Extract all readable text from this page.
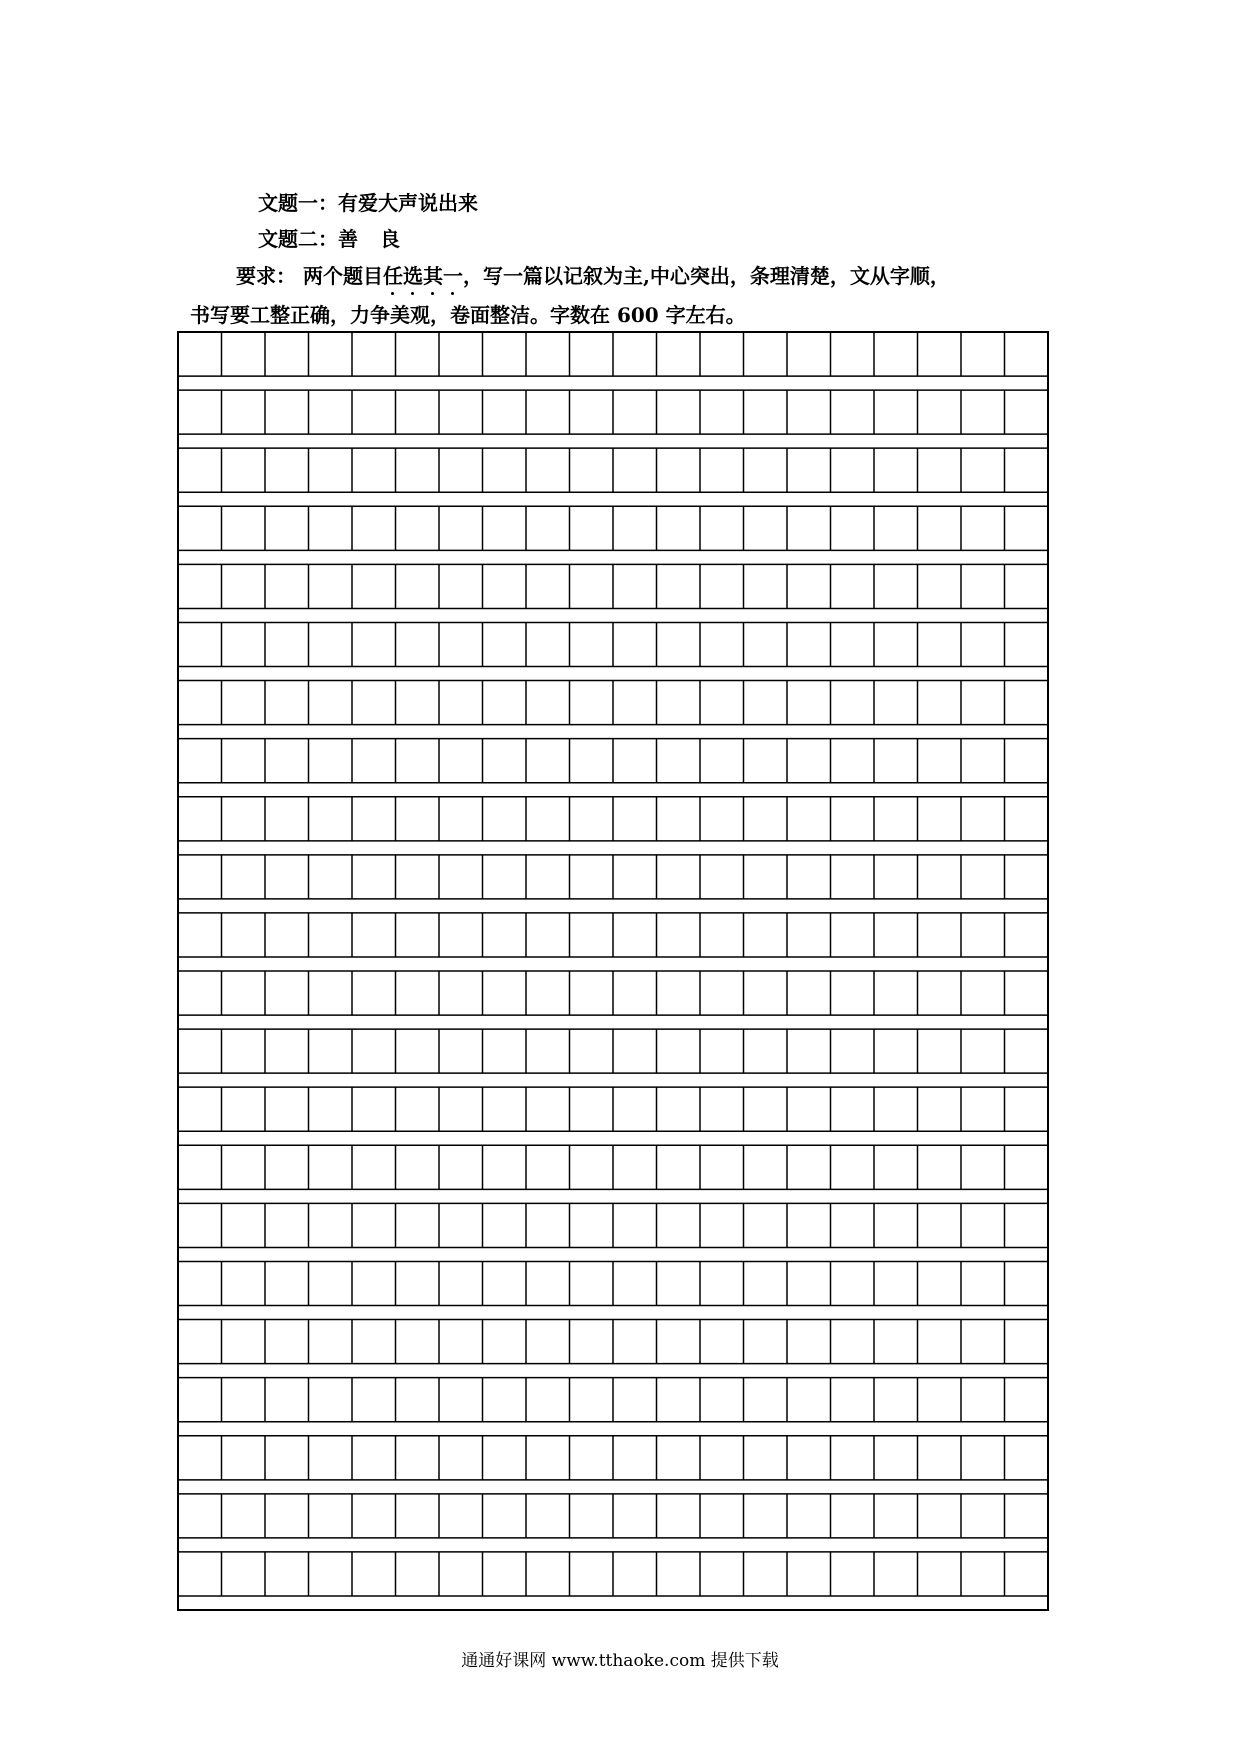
文题一：有爱大声说出来
文题二：善 良
要求： 两个题目任选其一，写一篇以记叙为主,中心突出，条理清楚，文从字顺，
书写要工整正确，力争美观，卷面整洁。字数在 600 字左右。
通通好课网 www.tthaoke.com 提供下载
